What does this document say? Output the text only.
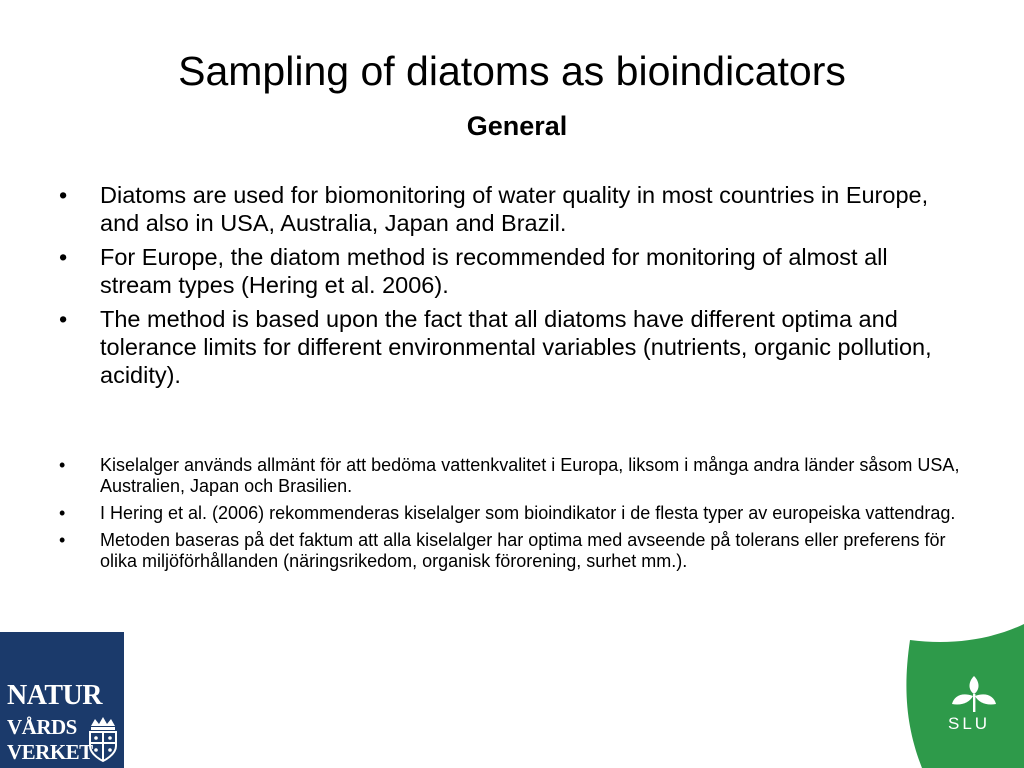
Sampling of diatoms as bioindicators
General
• Diatoms are used for biomonitoring of water quality in most countries in Europe, and also in USA, Australia, Japan and Brazil.
• For Europe, the diatom method is recommended for monitoring of almost all stream types (Hering et al. 2006).
• The method is based upon the fact that all diatoms have different optima and tolerance limits for different environmental variables (nutrients, organic pollution, acidity).
• Kiselalger används allmänt för att bedöma vattenkvalitet i Europa, liksom i många andra länder såsom USA, Australien, Japan och Brasilien.
• I Hering et al. (2006) rekommenderas kiselalger som bioindikator i de flesta typer av europeiska vattendrag.
• Metoden baseras på det faktum att alla kiselalger har optima med avseende på tolerans eller preferens för olika miljöförhållanden (näringsrikedom, organisk förorening, surhet mm.).
NATUR
VÅRDS
VERKET
SLU
